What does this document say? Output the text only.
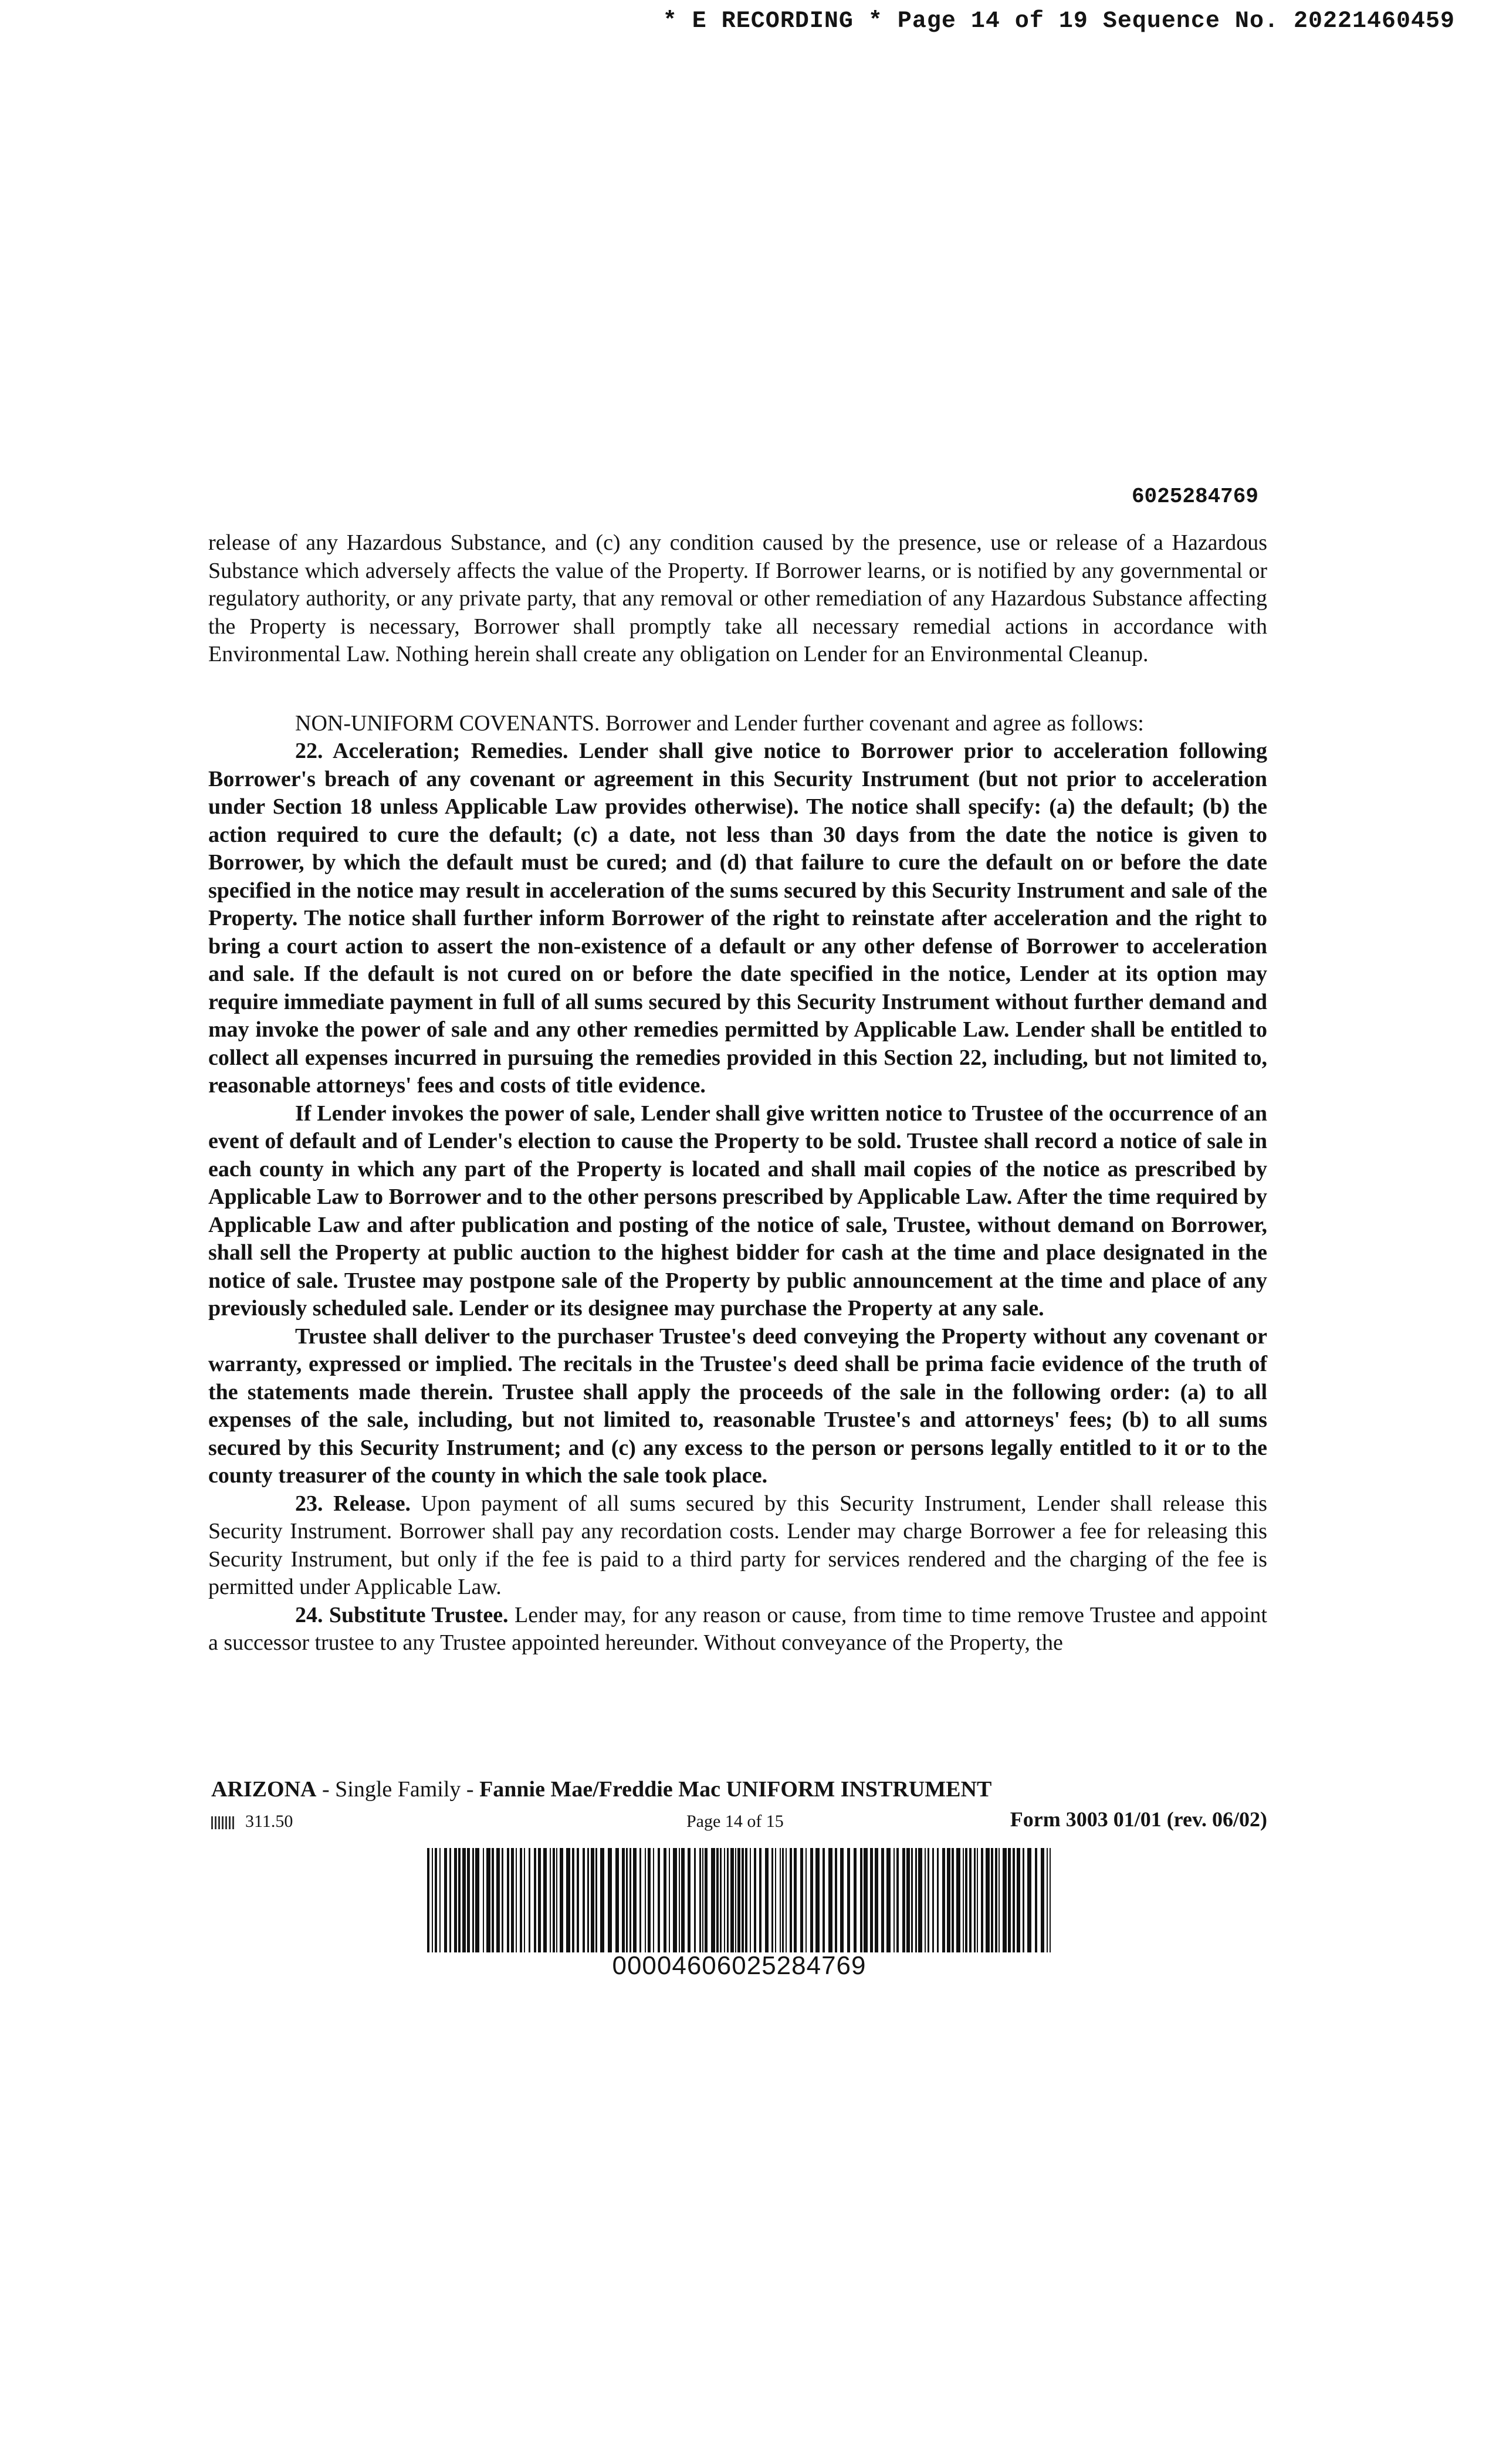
* E RECORDING * Page 14 of 19 Sequence No. 20221460459
6025284769

release of any Hazardous Substance, and (c) any condition caused by the presence, use or release of a Hazardous Substance which adversely affects the value of the Property. If Borrower learns, or is notified by any governmental or regulatory authority, or any private party, that any removal or other remediation of any Hazardous Substance affecting the Property is necessary, Borrower shall promptly take all necessary remedial actions in accordance with Environmental Law. Nothing herein shall create any obligation on Lender for an Environmental Cleanup.

NON-UNIFORM COVENANTS. Borrower and Lender further covenant and agree as follows:

22. Acceleration; Remedies. Lender shall give notice to Borrower prior to acceleration following Borrower's breach of any covenant or agreement in this Security Instrument (but not prior to acceleration under Section 18 unless Applicable Law provides otherwise). The notice shall specify: (a) the default; (b) the action required to cure the default; (c) a date, not less than 30 days from the date the notice is given to Borrower, by which the default must be cured; and (d) that failure to cure the default on or before the date specified in the notice may result in acceleration of the sums secured by this Security Instrument and sale of the Property. The notice shall further inform Borrower of the right to reinstate after acceleration and the right to bring a court action to assert the non-existence of a default or any other defense of Borrower to acceleration and sale. If the default is not cured on or before the date specified in the notice, Lender at its option may require immediate payment in full of all sums secured by this Security Instrument without further demand and may invoke the power of sale and any other remedies permitted by Applicable Law. Lender shall be entitled to collect all expenses incurred in pursuing the remedies provided in this Section 22, including, but not limited to, reasonable attorneys' fees and costs of title evidence.

If Lender invokes the power of sale, Lender shall give written notice to Trustee of the occurrence of an event of default and of Lender's election to cause the Property to be sold. Trustee shall record a notice of sale in each county in which any part of the Property is located and shall mail copies of the notice as prescribed by Applicable Law to Borrower and to the other persons prescribed by Applicable Law. After the time required by Applicable Law and after publication and posting of the notice of sale, Trustee, without demand on Borrower, shall sell the Property at public auction to the highest bidder for cash at the time and place designated in the notice of sale. Trustee may postpone sale of the Property by public announcement at the time and place of any previously scheduled sale. Lender or its designee may purchase the Property at any sale.

Trustee shall deliver to the purchaser Trustee's deed conveying the Property without any covenant or warranty, expressed or implied. The recitals in the Trustee's deed shall be prima facie evidence of the truth of the statements made therein. Trustee shall apply the proceeds of the sale in the following order: (a) to all expenses of the sale, including, but not limited to, reasonable Trustee's and attorneys' fees; (b) to all sums secured by this Security Instrument; and (c) any excess to the person or persons legally entitled to it or to the county treasurer of the county in which the sale took place.

23. Release. Upon payment of all sums secured by this Security Instrument, Lender shall release this Security Instrument. Borrower shall pay any recordation costs. Lender may charge Borrower a fee for releasing this Security Instrument, but only if the fee is paid to a third party for services rendered and the charging of the fee is permitted under Applicable Law.

24. Substitute Trustee. Lender may, for any reason or cause, from time to time remove Trustee and appoint a successor trustee to any Trustee appointed hereunder. Without conveyance of the Property, the

ARIZONA - Single Family - Fannie Mae/Freddie Mac UNIFORM INSTRUMENT
311.50	Page 14 of 15	Form 3003 01/01 (rev. 06/02)
00004606025284769
